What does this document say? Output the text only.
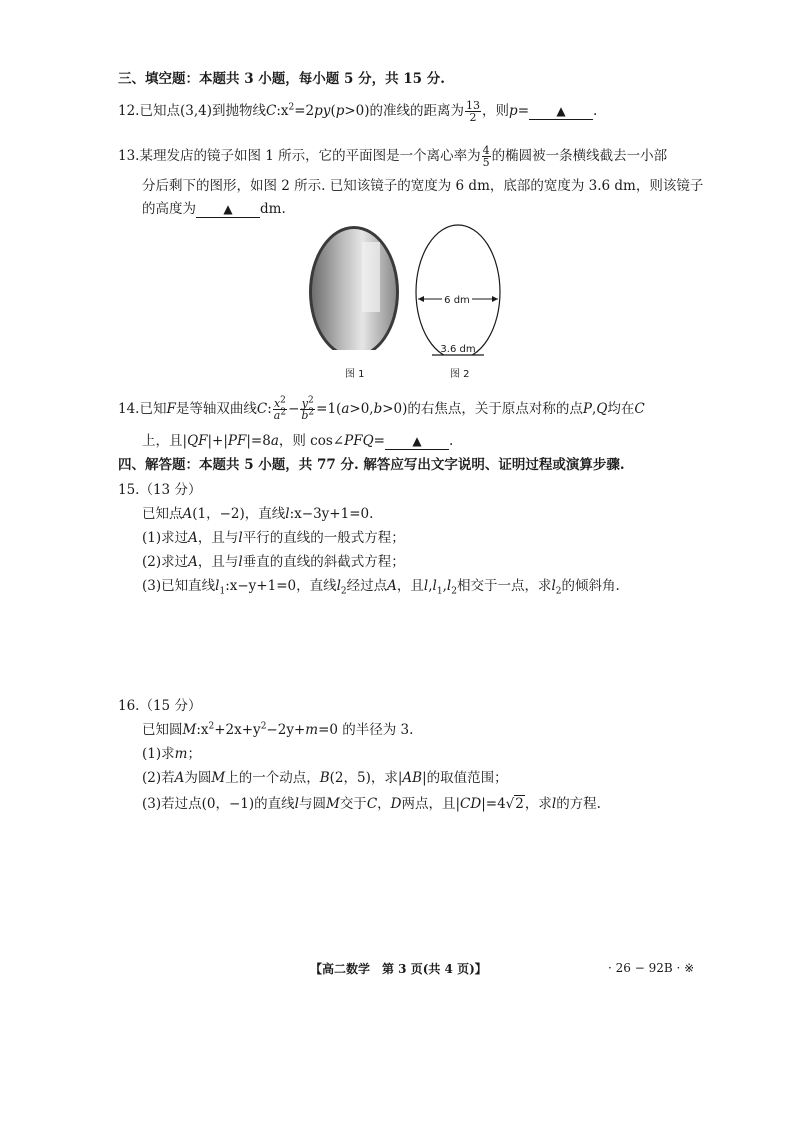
三、填空题：本题共 3 小题，每小题 5 分，共 15 分.
12.已知点(3,4)到抛物线$C:x^2=2py(p>0)$的准线的距离为 $\frac{13}{2}$ ，则p= ▲ .
13.某理发店的镜子如图 1 所示，它的平面图是一个离心率为 $\frac{4}{5}$ 的椭圆被一条横线截去一小部
分后剩下的图形，如图 2 所示. 已知该镜子的宽度为 6 dm，底部的宽度为 3.6 dm，则该镜子
的高度为 ▲ dm.
6 dm
3.6 dm
图 1	图 2
14.已知F是等轴双曲线C: $\frac{x^2}{a^2} - \frac{y^2}{b^2} =1(a>0,b>0)$的右焦点，关于原点对称的点P,Q均在C
上，且|QF|+|PF|=8a，则 cos∠PFQ= ▲ .
四、解答题：本题共 5 小题，共 77 分. 解答应写出文字说明、证明过程或演算步骤.
15.（13 分）
已知点A(1，−2)，直线l:x−3y+1=0.
(1)求过A，且与l平行的直线的一般式方程；
(2)求过A，且与l垂直的直线的斜截式方程；
(3)已知直线$l_1:x-y+1=0$，直线$l_2$经过点A，且$l,l_1,l_2$相交于一点，求$l_2$的倾斜角.
16.（15 分）
已知圆$M:x^2+2x+y^2-2y+m=0$ 的半径为 3.
(1)求m；
(2)若A为圆M上的一个动点，B(2，5)，求|AB|的取值范围；
(3)若过点(0，−1)的直线l与圆M交于C，D两点，且|CD|=4√2，求l的方程.
【高二数学　第 3 页(共 4 页)】	· 26 − 92B · ※
